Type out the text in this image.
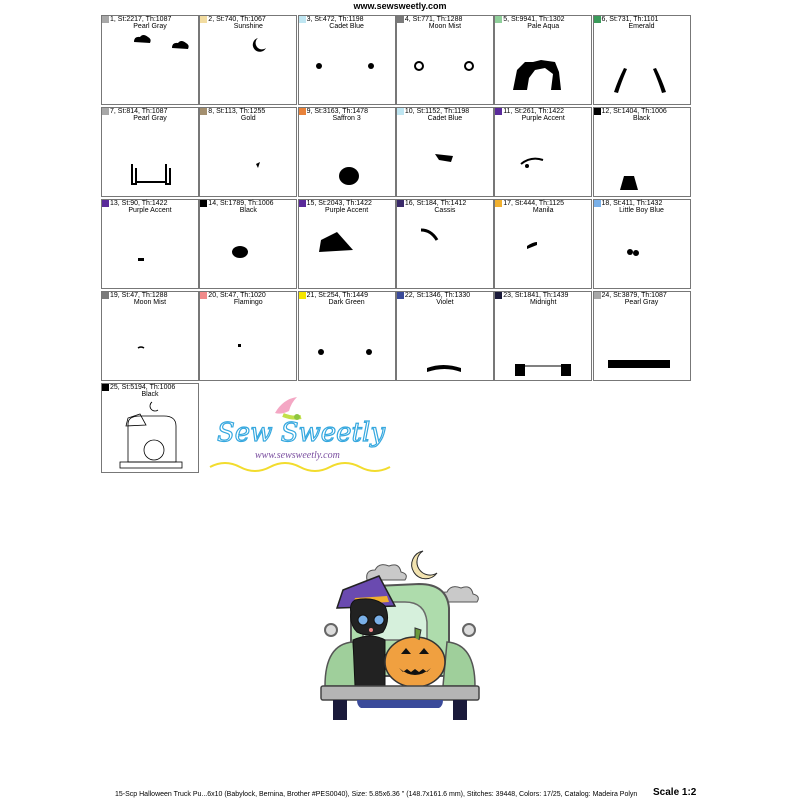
www.sewsweetly.com
1, St:2217, Th:1087
Pearl Gray
2, St:740, Th:1067
Sunshine
3, St:472, Th:1198
Cadet Blue
4, St:771, Th:1288
Moon Mist
5, St:9941, Th:1302
Pale Aqua
6, St:731, Th:1101
Emerald
7, St:814, Th:1087
Pearl Gray
8, St:113, Th:1255
Gold
9, St:3163, Th:1478
Saffron 3
10, St:1152, Th:1198
Cadet Blue
11, St:261, Th:1422
Purple Accent
12, St:1404, Th:1006
Black
13, St:90, Th:1422
Purple Accent
14, St:1789, Th:1006
Black
15, St:2043, Th:1422
Purple Accent
16, St:184, Th:1412
Cassis
17, St:444, Th:1125
Manila
18, St:411, Th:1432
Little Boy Blue
19, St:47, Th:1288
Moon Mist
20, St:47, Th:1020
Flamingo
21, St:254, Th:1449
Dark Green
22, St:1346, Th:1330
Violet
23, St:1841, Th:1439
Midnight
24, St:3879, Th:1087
Pearl Gray
25, St:5194, Th:1006
Black
Sew Sweetly
www.sewsweetly.com
15-Scp Halloween Truck Pu...6x10 (Babylock, Bernina, Brother #PES0040), Size: 5.85x6.36 " (148.7x161.6 mm), Stitches: 39448, Colors: 17/25, Catalog: Madeira Polyn Scale 1:2
